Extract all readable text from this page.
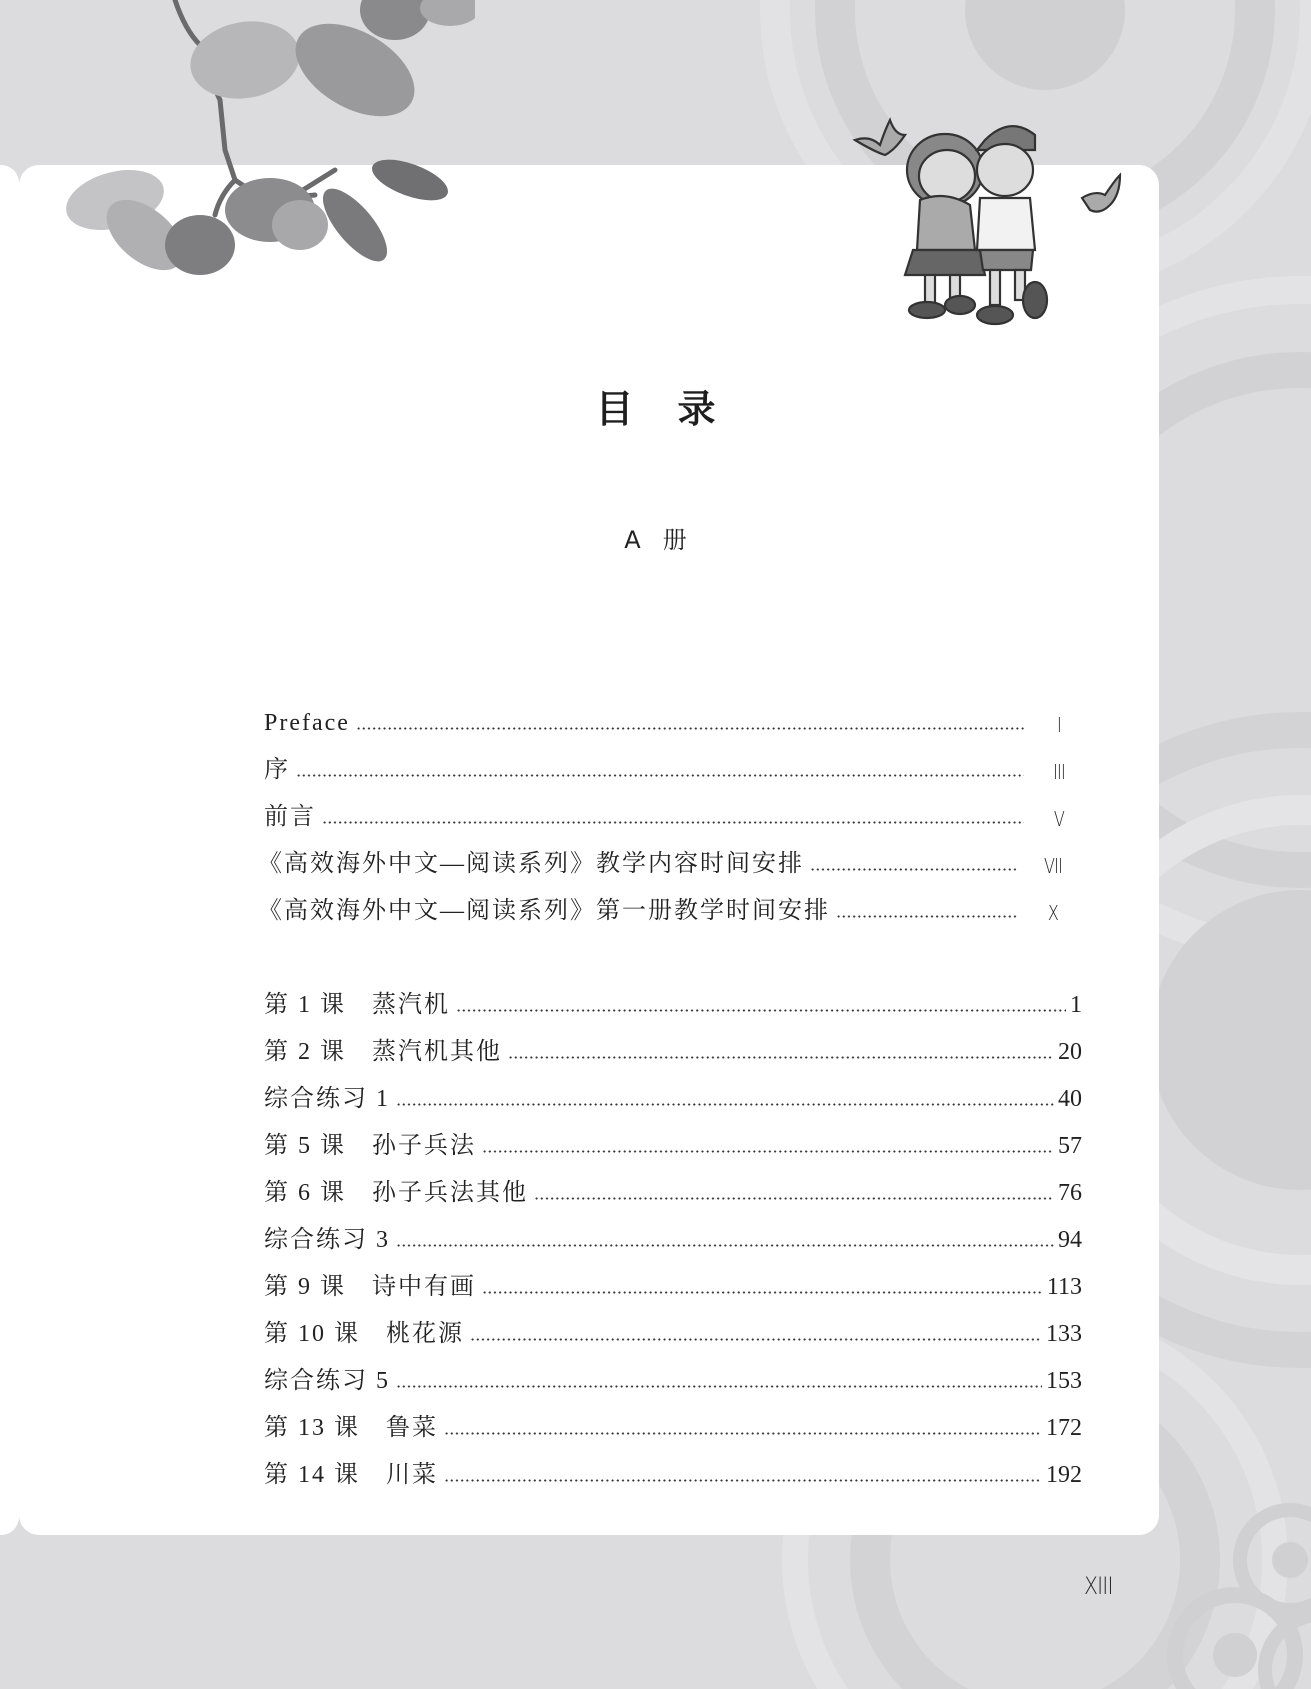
目 录
A 册
Preface	I
序	III
前言	V
《高效海外中文—阅读系列》教学内容时间安排	VII
《高效海外中文—阅读系列》第一册教学时间安排	X
第 1 课　蒸汽机	1
第 2 课　蒸汽机其他	20
综合练习 1	40
第 5 课　孙子兵法	57
第 6 课　孙子兵法其他	76
综合练习 3	94
第 9 课　诗中有画	113
第 10 课　桃花源	133
综合练习 5	153
第 13 课　鲁菜	172
第 14 课　川菜	192
XIII
